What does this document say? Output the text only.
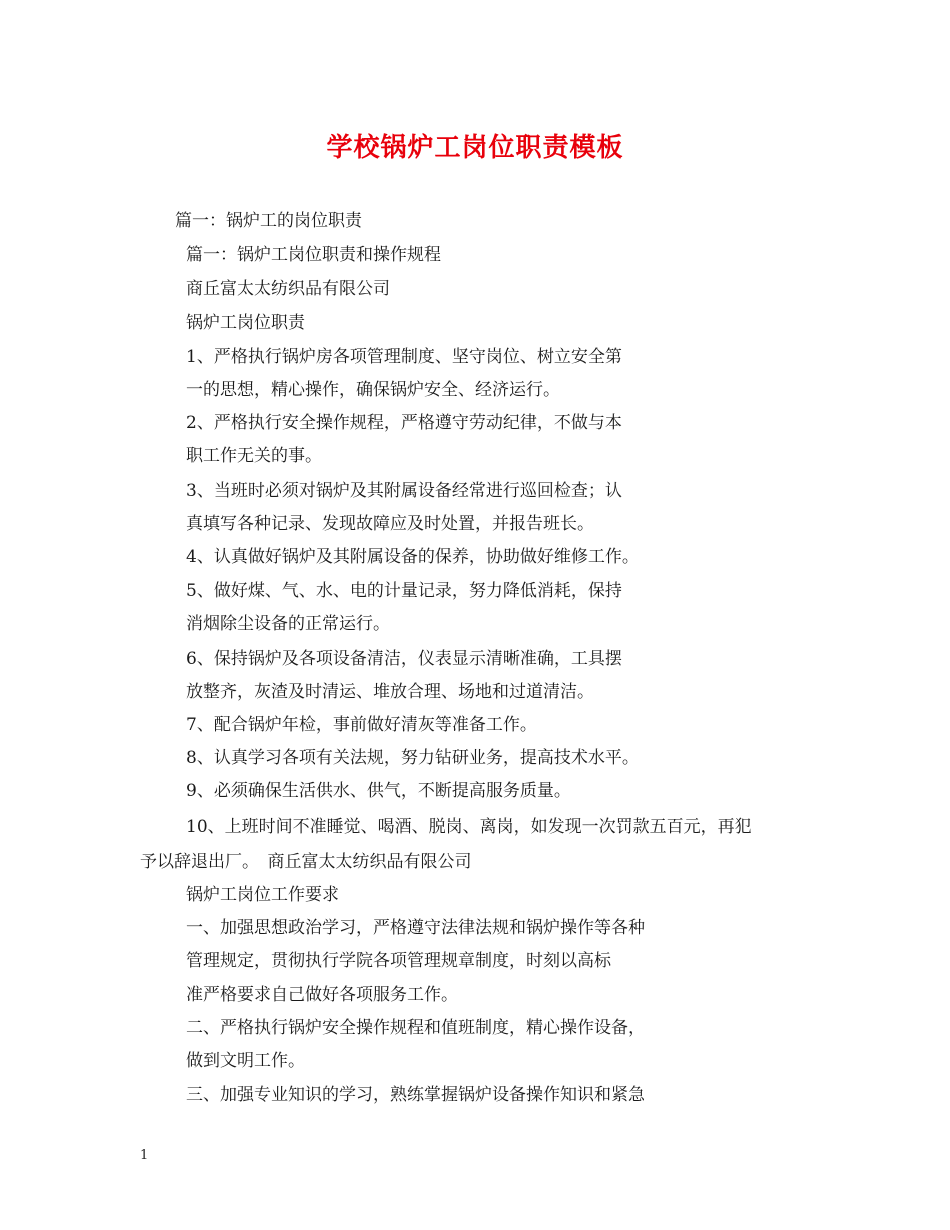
学校锅炉工岗位职责模板
篇一：锅炉工的岗位职责
篇一：锅炉工岗位职责和操作规程
商丘富太太纺织品有限公司
锅炉工岗位职责
1、严格执行锅炉房各项管理制度、坚守岗位、树立安全第
一的思想，精心操作，确保锅炉安全、经济运行。
2、严格执行安全操作规程，严格遵守劳动纪律，不做与本
职工作无关的事。
3、当班时必须对锅炉及其附属设备经常进行巡回检查；认
真填写各种记录、发现故障应及时处置，并报告班长。
4、认真做好锅炉及其附属设备的保养，协助做好维修工作。
5、做好煤、气、水、电的计量记录，努力降低消耗，保持
消烟除尘设备的正常运行。
6、保持锅炉及各项设备清洁，仪表显示清晰准确，工具摆
放整齐，灰渣及时清运、堆放合理、场地和过道清洁。
7、配合锅炉年检，事前做好清灰等准备工作。
8、认真学习各项有关法规，努力钻研业务，提高技术水平。
9、必须确保生活供水、供气，不断提高服务质量。
10、上班时间不准睡觉、喝酒、脱岗、离岗，如发现一次罚款五百元，再犯
予以辞退出厂。　商丘富太太纺织品有限公司
锅炉工岗位工作要求
一、加强思想政治学习，严格遵守法律法规和锅炉操作等各种
管理规定，贯彻执行学院各项管理规章制度，时刻以高标
准严格要求自己做好各项服务工作。
二、严格执行锅炉安全操作规程和值班制度，精心操作设备，
做到文明工作。
三、加强专业知识的学习，熟练掌握锅炉设备操作知识和紧急
1
